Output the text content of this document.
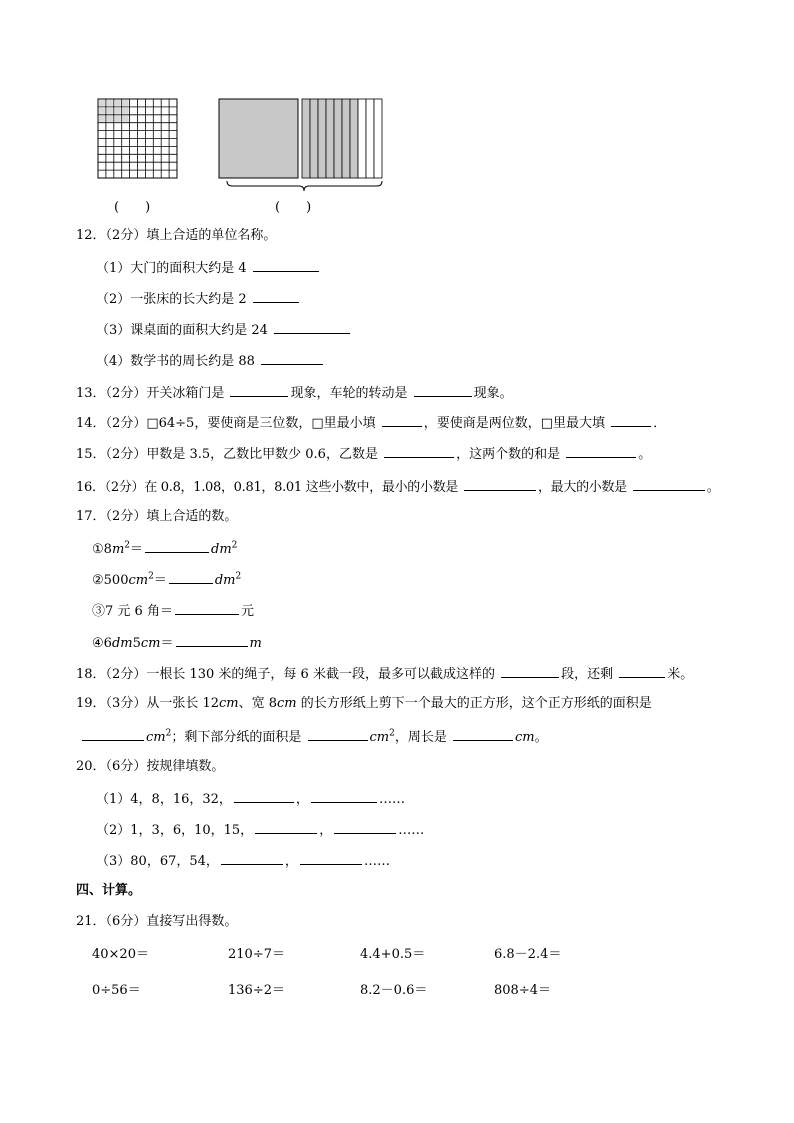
(　　)	(　　)
12．（2分）填上合适的单位名称。
（1）大门的面积大约是 4
（2）一张床的长大约是 2
（3）课桌面的面积大约是 24
（4）数学书的周长约是 88
13．（2分）开关冰箱门是	现象，车轮的转动是	现象。
14．（2分）□64÷5，要使商是三位数，□里最小填	，要使商是两位数，□里最大填	．
15．（2分）甲数是 3.5，乙数比甲数少 0.6，乙数是	，这两个数的和是	。
16．（2分）在 0.8，1.08，0.81，8.01 这些小数中，最小的小数是	，最大的小数是	。
17．（2分）填上合适的数。
$①8m^2=$	$dm^2$
$②500cm^2=$	$dm^2$
③7 元 6 角＝	元
④6dm5cm＝	m
18．（2分）一根长 130 米的绳子，每 6 米截一段，最多可以截成这样的	段，还剩	米。
19．（3分）从一张长 12cm、宽 8cm 的长方形纸上剪下一个最大的正方形，这个正方形纸的面积是
$cm^2$；剩下部分纸的面积是	$cm^2$，周长是	cm。
20．（6分）按规律填数。
（1）4，8，16，32，	，	……
（2）1，3，6，10，15，	，	……
（3）80，67，54，	，	……
四、计算。
21．（6分）直接写出得数。
40×20＝	210÷7＝	4.4+0.5＝	6.8－2.4＝
0÷56＝	136÷2＝	8.2－0.6＝	808÷4＝
